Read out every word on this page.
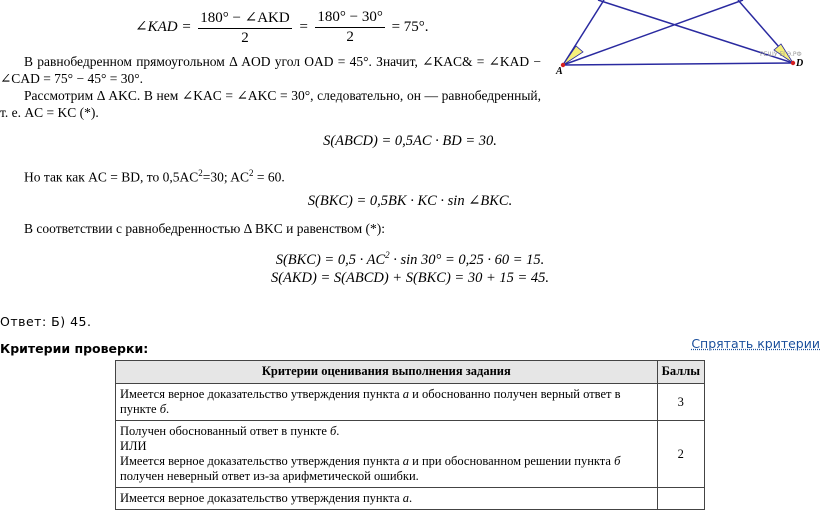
A
D
РЕШУ ЕГЭ.РФ
∠KAD = $\frac{\text{180° − ∠AKD}}{2} = \frac{180^\circ - 30^\circ}{2} = 75^\circ$.
В равнобедренном прямоугольном Δ AOD угол OAD = 45°. Значит, ∠KAC& = ∠KAD − ∠CAD = 75° − 45° = 30°.
Рассмотрим Δ AKC. В нем ∠KAC = ∠AKC = 30°, следовательно, он — равнобедренный, т. е. AC = KC (*).
S(ABCD) = 0,5AC · BD = 30.
Но так как AC = BD, то $0,5AC^2=30$; $AC^2 = 60$.
S(BKC) = 0,5BK · KC · sin ∠BKC.
В соответствии с равнобедренностью Δ BKC и равенством (*):
$S(BKC) = 0,5 \cdot AC^2 \cdot \sin 30^\circ = 0,25 \cdot 60 = 15$.
S(AKD) = S(ABCD) + S(BKC) = 30 + 15 = 45.
Ответ: Б) 45.
Критерии проверки:	Спрятать критерии
Критерии оценивания выполнения задания	Баллы
Имеется верное доказательство утверждения пункта а и обоснованно получен верный ответ в пункте б.	3

Получен обоснованный ответ в пункте б.
ИЛИ
Имеется верное доказательство утверждения пункта а и при обоснованном решении пункта б получен неверный ответ из-за арифметической ошибки.	2
Имеется верное доказательство утверждения пункта а.	
